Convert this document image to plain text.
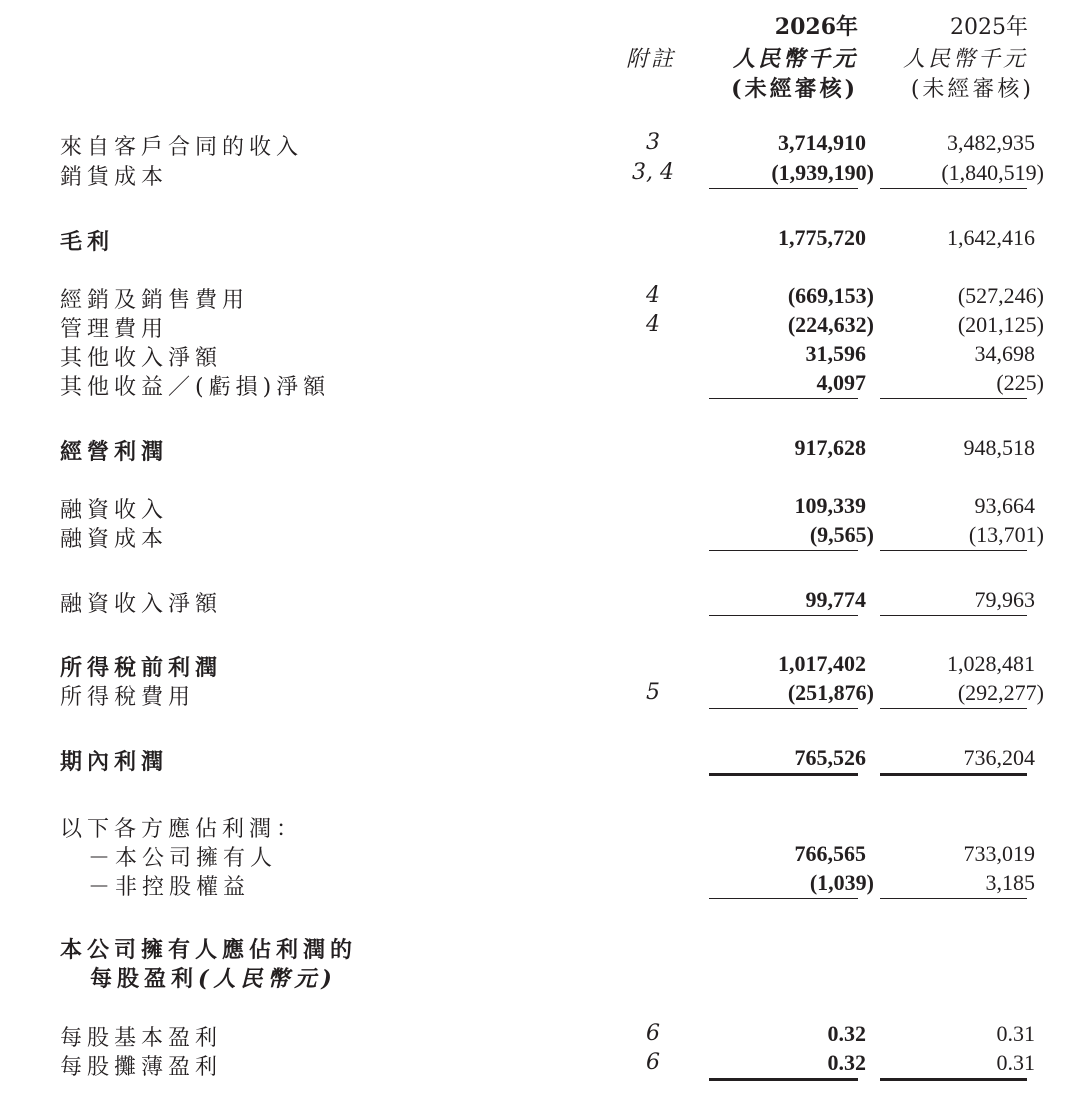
2026年
附註	人民幣千元
(未經審核)
2025年
人民幣千元
(未經審核)
來自客戶合同的收入	3	3,714,910	3,482,935
銷貨成本	3, 4	(1,939,190)	(1,840,519)
毛利	1,775,720	1,642,416
經銷及銷售費用	4	(669,153)	(527,246)
管理費用	4	(224,632)	(201,125)
其他收入淨額	31,596	34,698
其他收益／(虧損)淨額	4,097	(225)
經營利潤	917,628	948,518
融資收入	109,339	93,664
融資成本	(9,565)	(13,701)
融資收入淨額	99,774	79,963
所得稅前利潤	1,017,402	1,028,481
所得稅費用	5	(251,876)	(292,277)
期內利潤	765,526	736,204
以下各方應佔利潤：
－本公司擁有人	766,565	733,019
－非控股權益	(1,039)	3,185
本公司擁有人應佔利潤的
每股盈利(人民幣元)
每股基本盈利	6	0.32	0.31
每股攤薄盈利	6	0.32	0.31
